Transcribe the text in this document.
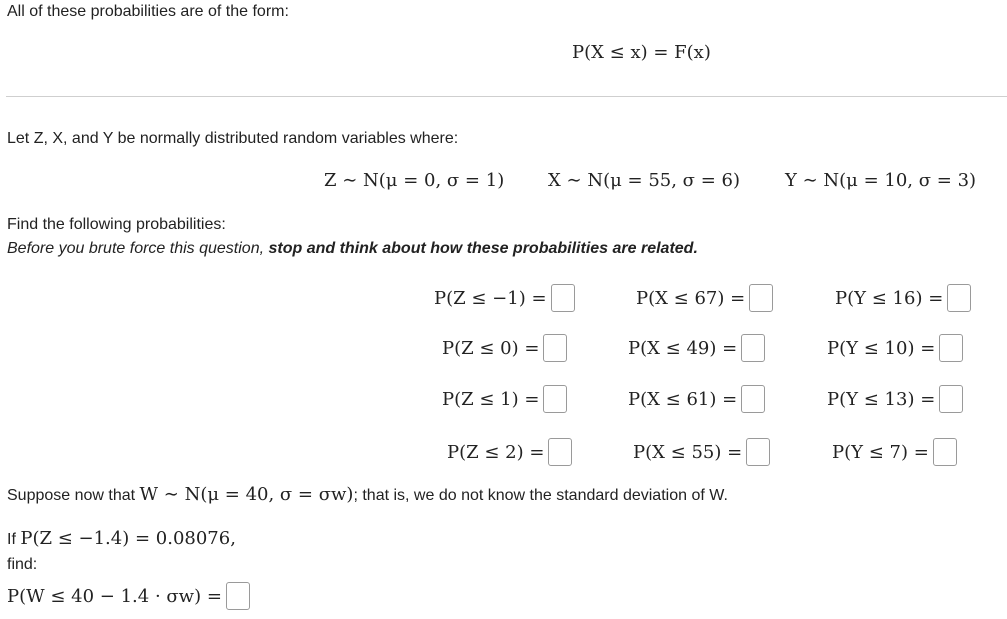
All of these probabilities are of the form:
P(X ≤ x) = F(x)
Let Z, X, and Y be normally distributed random variables where:
Z ∼ N(μ = 0, σ = 1) X ∼ N(μ = 55, σ = 6)	Y ∼ N(μ = 10, σ = 3)
Find the following probabilities:
Before you brute force this question, stop and think about how these probabilities are related.
P(Z ≤ −1) =
P(Z ≤ 0) =
P(Z ≤ 1) =
P(Z ≤ 2) =
P(X ≤ 67) =
P(X ≤ 49) =
P(X ≤ 61) =
P(X ≤ 55) =
P(Y ≤ 16) =
P(Y ≤ 10) =
P(Y ≤ 13) =
P(Y ≤ 7) =
Suppose now that W ∼ N(μ = 40, σ = σw); that is, we do not know the standard deviation of W.
If P(Z ≤ −1.4) = 0.08076,
find:
P(W ≤ 40 − 1.4 · σw) =
